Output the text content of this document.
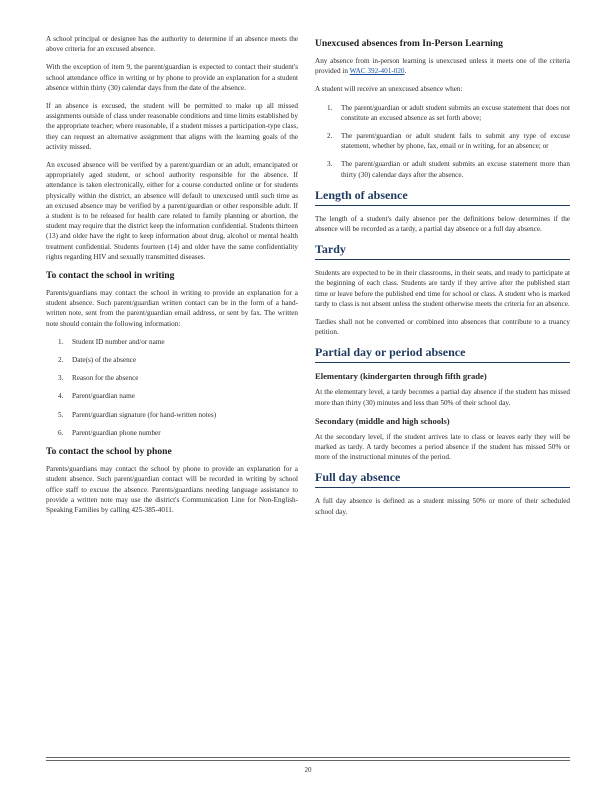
A school principal or designee has the authority to determine if an absence meets the above criteria for an excused absence.

With the exception of item 9, the parent/guardian is expected to contact their student's school attendance office in writing or by phone to provide an explanation for a student absence within thirty (30) calendar days from the date of the absence.

If an absence is excused, the student will be permitted to make up all missed assignments outside of class under reasonable conditions and time limits established by the appropriate teacher; where reasonable, if a student misses a participation-type class, they can request an alternative assignment that aligns with the learning goals of the activity missed.

An excused absence will be verified by a parent/guardian or an adult, emancipated or appropriately aged student, or school authority responsible for the absence. If attendance is taken electronically, either for a course conducted online or for students physically within the district, an absence will default to unexcused until such time as an excused absence may be verified by a parent/guardian or other responsible adult. If a student is to be released for health care related to family planning or abortion, the student may require that the district keep the information confidential. Students thirteen (13) and older have the right to keep information about drug, alcohol or mental health treatment confidential. Students fourteen (14) and older have the same confidentiality rights regarding HIV and sexually transmitted diseases.

To contact the school in writing

Parents/guardians may contact the school in writing to provide an explanation for a student absence. Such parent/guardian written contact can be in the form of a hand-written note, sent from the parent/guardian email address, or sent by fax. The written note should contain the following information:

1.	Student ID number and/or name
2.	Date(s) of the absence
3.	Reason for the absence
4.	Parent/guardian name
5.	Parent/guardian signature (for hand-written notes)
6.	Parent/guardian phone number
To contact the school by phone

Parents/guardians may contact the school by phone to provide an explanation for a student absence. Such parent/guardian contact will be recorded in writing by school office staff to excuse the absence. Parents/guardians needing language assistance to provide a written note may use the district's Communication Line for Non-English-Speaking Families by calling 425-385-4011.

Unexcused absences from In-Person Learning

Any absence from in-person learning is unexcused unless it meets one of the criteria provided in WAC 392-401-020.

A student will receive an unexcused absence when:

1.	The parent/guardian or adult student submits an excuse statement that does not constitute an excused absence as set forth above;
2.	The parent/guardian or adult student fails to submit any type of excuse statement, whether by phone, fax, email or in writing, for an absence; or
3.	The parent/guardian or adult student submits an excuse statement more than thirty (30) calendar days after the absence.
Length of absence

The length of a student's daily absence per the definitions below determines if the absence will be recorded as a tardy, a partial day absence or a full day absence.

Tardy

Students are expected to be in their classrooms, in their seats, and ready to participate at the beginning of each class. Students are tardy if they arrive after the published start time or leave before the published end time for school or class. A student who is marked tardy to class is not absent unless the student otherwise meets the criteria for an absence.

Tardies shall not be converted or combined into absences that contribute to a truancy petition.

Partial day or period absence
Elementary (kindergarten through fifth grade)

At the elementary level, a tardy becomes a partial day absence if the student has missed more than thirty (30) minutes and less than 50% of their school day.

Secondary (middle and high schools)

At the secondary level, if the student arrives late to class or leaves early they will be marked as tardy. A tardy becomes a period absence if the student has missed 50% or more of the instructional minutes of the period.

Full day absence

A full day absence is defined as a student missing 50% or more of their scheduled school day.

20
